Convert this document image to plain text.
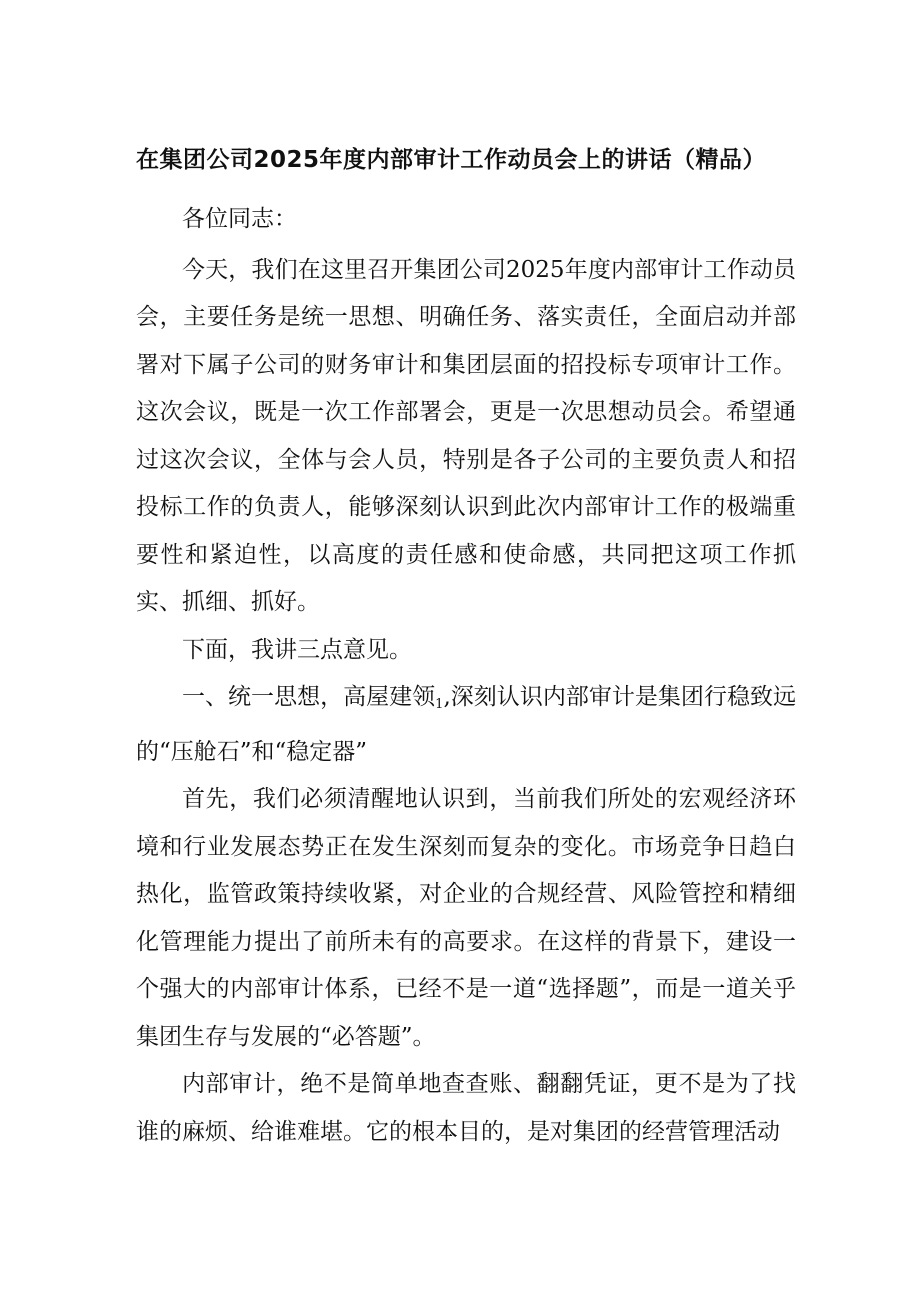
在集团公司2025年度内部审计工作动员会上的讲话（精品）

各位同志：

今天，我们在这里召开集团公司2025年度内部审计工作动员会，主要任务是统一思想、明确任务、落实责任，全面启动并部署对下属子公司的财务审计和集团层面的招投标专项审计工作。这次会议，既是一次工作部署会，更是一次思想动员会。希望通过这次会议，全体与会人员，特别是各子公司的主要负责人和招投标工作的负责人，能够深刻认识到此次内部审计工作的极端重要性和紧迫性，以高度的责任感和使命感，共同把这项工作抓实、抓细、抓好。

下面，我讲三点意见。

一、统一思想，高屋建领$_1$,深刻认识内部审计是集团行稳致远的“压舱石”和“稳定器”

首先，我们必须清醒地认识到，当前我们所处的宏观经济环境和行业发展态势正在发生深刻而复杂的变化。市场竞争日趋白热化，监管政策持续收紧，对企业的合规经营、风险管控和精细化管理能力提出了前所未有的高要求。在这样的背景下，建设一个强大的内部审计体系，已经不是一道“选择题”，而是一道关乎集团生存与发展的“必答题”。

内部审计，绝不是简单地查查账、翻翻凭证，更不是为了找谁的麻烦、给谁难堪。它的根本目的，是对集团的经营管理活动
